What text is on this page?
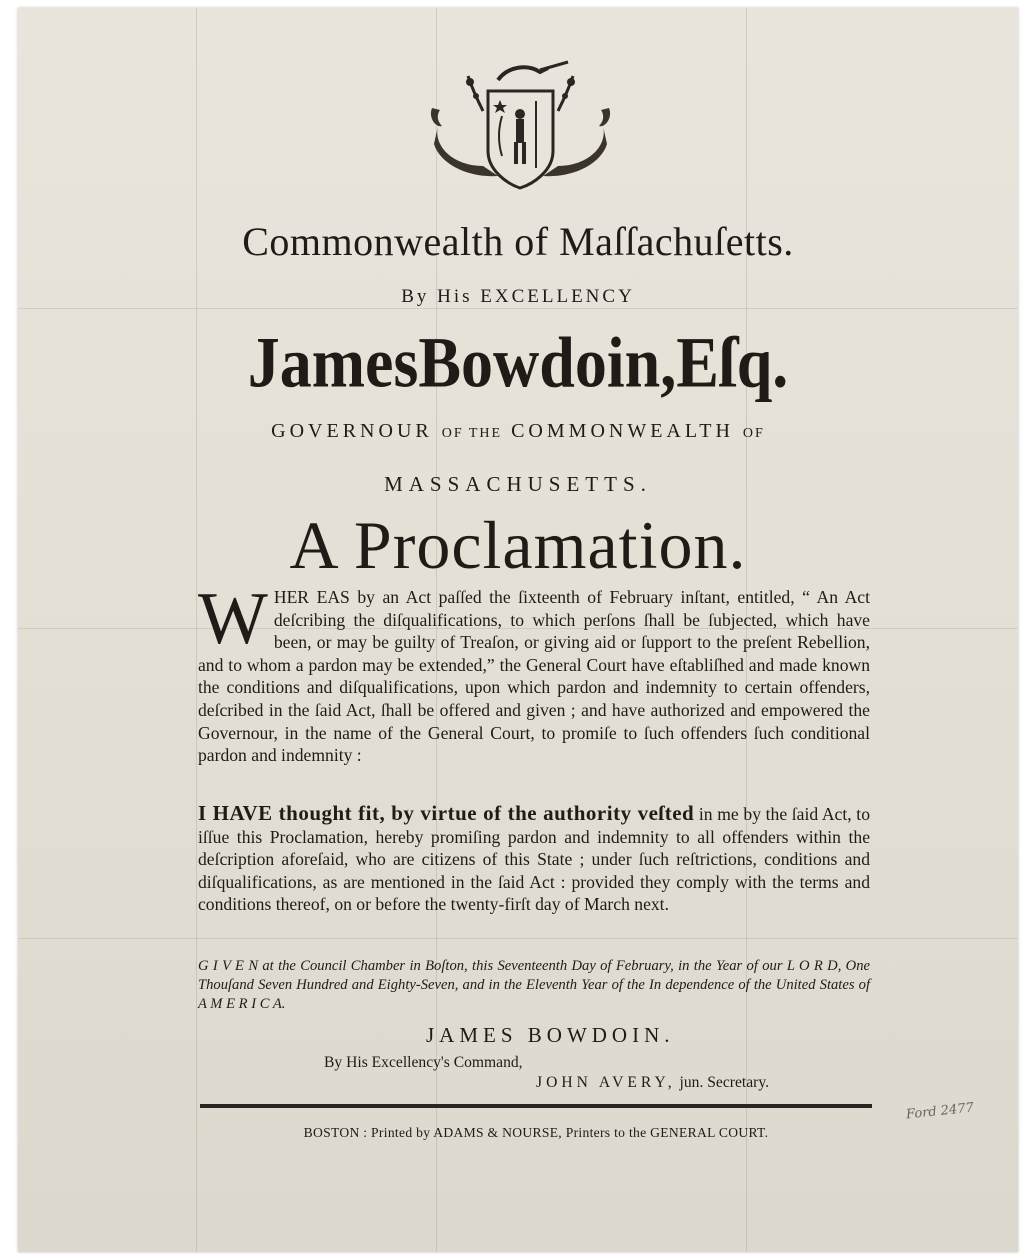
Commonwealth of Maſſachuſetts.
By His EXCELLENCY
JamesBowdoin,Eſq.
GOVERNOUR OF THE COMMONWEALTH OF
MASSACHUSETTS.
A Proclamation.

WHER EAS by an Act paſſed the ſixteenth of February inſtant, entitled, “ An Act deſcribing the diſqualifications, to which perſons ſhall be ſubjected, which have been, or may be guilty of Treaſon, or giving aid or ſupport to the preſent Rebellion, and to whom a pardon may be extended,” the General Court have eſtabliſhed and made known the conditions and diſqualifications, upon which pardon and indemnity to certain offenders, deſcribed in the ſaid Act, ſhall be offered and given ; and have authorized and empowered the Governour, in the name of the General Court, to promiſe to ſuch offenders ſuch conditional pardon and indemnity :

I HAVE thought fit, by virtue of the authority veſted in me by the ſaid Act, to iſſue this Proclamation, hereby promiſing pardon and indemnity to all offenders within the deſcription aforeſaid, who are citizens of this State ; under ſuch reſtrictions, conditions and diſqualifications, as are mentioned in the ſaid Act : provided they comply with the terms and conditions thereof, on or before the twenty-firſt day of March next.

G I V E N at the Council Chamber in Boſton, this Seventeenth Day of February, in the Year of our L O R D, One Thouſand Seven Hundred and Eighty-Seven, and in the Eleventh Year of the In dependence of the United States of A M E R I C A.

JAMES BOWDOIN.
By His Excellency's Command,
JOHN AVERY, jun. Secretary.
BOSTON : Printed by ADAMS & NOURSE, Printers to the GENERAL COURT.
Ford 2477
